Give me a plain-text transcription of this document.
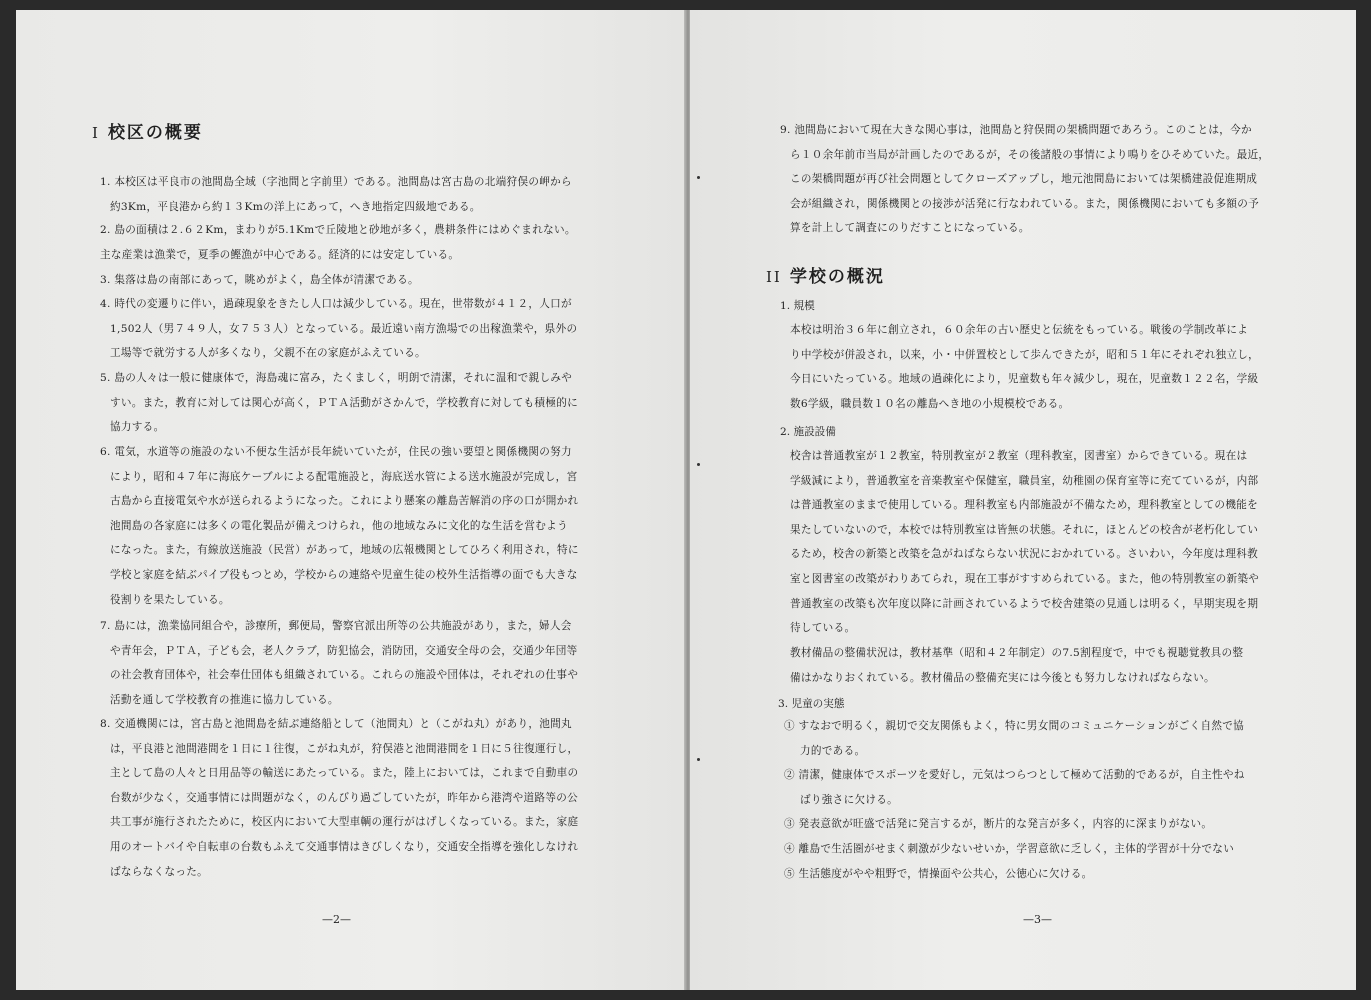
I 校区の概要
1. 本校区は平良市の池間島全域（字池間と字前里）である。池間島は宮古島の北端狩俣の岬から
約3Km，平良港から約１３Kmの洋上にあって，へき地指定四級地である。
2. 島の面積は２.６２Km，まわりが5.1Kmで丘陵地と砂地が多く，農耕条件にはめぐまれない。
主な産業は漁業で，夏季の鰹漁が中心である。経済的には安定している。
3. 集落は島の南部にあって，眺めがよく，島全体が清潔である。
4. 時代の変遷りに伴い，過疎現象をきたし人口は減少している。現在，世帯数が４１２，人口が
1,502人（男７４９人，女７５３人）となっている。最近遠い南方漁場での出稼漁業や，県外の
工場等で就労する人が多くなり，父親不在の家庭がふえている。
5. 島の人々は一般に健康体で，海島魂に富み，たくましく，明朗で清潔，それに温和で親しみや
すい。また，教育に対しては関心が高く，ＰＴＡ活動がさかんで，学校教育に対しても積極的に
協力する。
6. 電気，水道等の施設のない不便な生活が長年続いていたが，住民の強い要望と関係機関の努力
により，昭和４７年に海底ケーブルによる配電施設と，海底送水管による送水施設が完成し，宮
古島から直接電気や水が送られるようになった。これにより懸案の離島苦解消の序の口が開かれ
池間島の各家庭には多くの電化製品が備えつけられ，他の地域なみに文化的な生活を営むよう
になった。また，有線放送施設（民営）があって，地域の広報機関としてひろく利用され，特に
学校と家庭を結ぶパイプ役もつとめ，学校からの連絡や児童生徒の校外生活指導の面でも大きな
役割りを果たしている。
7. 島には，漁業協同組合や，診療所，郵便局，警察官派出所等の公共施設があり，また，婦人会
や青年会，ＰＴＡ，子ども会，老人クラブ，防犯協会，消防団，交通安全母の会，交通少年団等
の社会教育団体や，社会奉仕団体も組織されている。これらの施設や団体は，それぞれの仕事や
活動を通して学校教育の推進に協力している。
8. 交通機関には，宮古島と池間島を結ぶ連絡船として（池間丸）と（こがね丸）があり，池間丸
は，平良港と池間港間を１日に１往復，こがね丸が，狩俣港と池間港間を１日に５往復運行し，
主として島の人々と日用品等の輸送にあたっている。また，陸上においては，これまで自動車の
台数が少なく，交通事情には問題がなく，のんびり過ごしていたが，昨年から港湾や道路等の公
共工事が施行されたために，校区内において大型車輌の運行がはげしくなっている。また，家庭
用のオートバイや自転車の台数もふえて交通事情はきびしくなり，交通安全指導を強化しなけれ
ばならなくなった。
—2—
9. 池間島において現在大きな関心事は，池間島と狩俣間の架橋問題であろう。このことは，今か
ら１０余年前市当局が計画したのであるが，その後諸般の事情により鳴りをひそめていた。最近，
この架橋問題が再び社会問題としてクローズアップし，地元池間島においては架橋建設促進期成
会が組織され，関係機関との接渉が活発に行なわれている。また，関係機関においても多額の予
算を計上して調査にのりだすことになっている。
II 学校の概況
1. 規模
本校は明治３６年に創立され，６０余年の古い歴史と伝統をもっている。戦後の学制改革によ
り中学校が併設され，以来，小・中併置校として歩んできたが，昭和５１年にそれぞれ独立し，
今日にいたっている。地域の過疎化により，児童数も年々減少し，現在，児童数１２２名，学級
数6学級，職員数１０名の離島へき地の小規模校である。
2. 施設設備
校舎は普通教室が１２教室，特別教室が２教室（理科教室，図書室）からできている。現在は
学級減により，普通教室を音楽教室や保健室，職員室，幼稚園の保育室等に充てているが，内部
は普通教室のままで使用している。理科教室も内部施設が不備なため，理科教室としての機能を
果たしていないので，本校では特別教室は皆無の状態。それに，ほとんどの校舎が老朽化してい
るため，校舎の新築と改築を急がねばならない状況におかれている。さいわい，今年度は理科教
室と図書室の改築がわりあてられ，現在工事がすすめられている。また，他の特別教室の新築や
普通教室の改築も次年度以降に計画されているようで校舎建築の見通しは明るく，早期実現を期
待している。
教材備品の整備状況は，教材基準（昭和４２年制定）の7.5割程度で，中でも視聴覚教具の整
備はかなりおくれている。教材備品の整備充実には今後とも努力しなければならない。
3. 児童の実態
① すなおで明るく，親切で交友関係もよく，特に男女間のコミュニケーションがごく自然で協
力的である。
② 清潔，健康体でスポーツを愛好し，元気はつらつとして極めて活動的であるが，自主性やね
ばり強さに欠ける。
③ 発表意欲が旺盛で活発に発言するが，断片的な発言が多く，内容的に深まりがない。
④ 離島で生活圏がせまく刺激が少ないせいか，学習意欲に乏しく，主体的学習が十分でない
⑤ 生活態度がやや粗野で，情操面や公共心，公徳心に欠ける。
—3—
